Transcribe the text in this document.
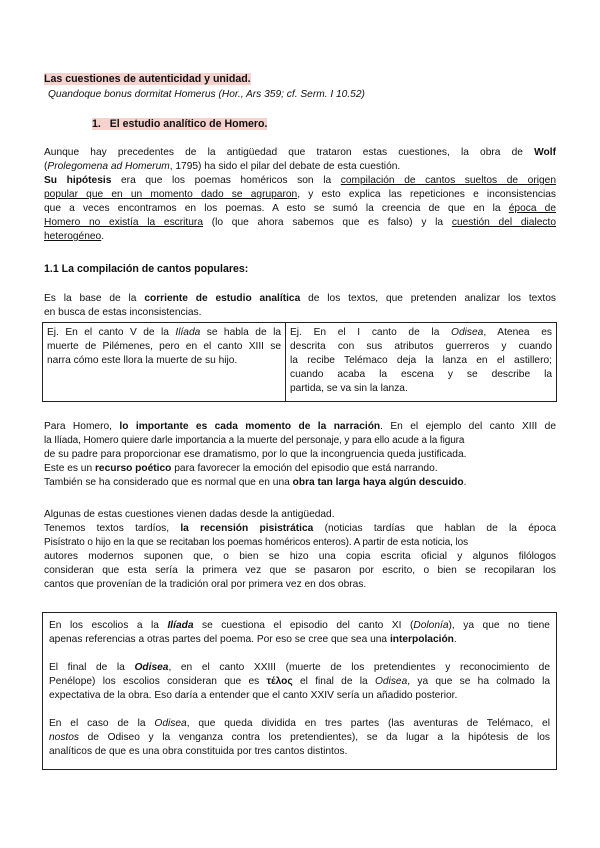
Las cuestiones de autenticidad y unidad.
Quandoque bonus dormitat Homerus (Hor., Ars 359; cf. Serm. I 10.52)
1. El estudio analítico de Homero.
Aunque hay precedentes de la antigüedad que trataron estas cuestiones, la obra de Wolf
(Prolegomena ad Homerum, 1795) ha sido el pilar del debate de esta cuestión.
Su hipótesis era que los poemas homéricos son la compilación de cantos sueltos de origen
popular que en un momento dado se agruparon, y esto explica las repeticiones e inconsistencias
que a veces encontramos en los poemas. A esto se sumó la creencia de que en la época de
Homero no existía la escritura (lo que ahora sabemos que es falso) y la cuestión del dialecto
heterogéneo.
1.1 La compilación de cantos populares:
Es la base de la corriente de estudio analítica de los textos, que pretenden analizar los textos
en busca de estas inconsistencias.
Ej. En el canto V de la Ilíada se habla de la
muerte de Pilémenes, pero en el canto XIII se
narra cómo este llora la muerte de su hijo.
Ej. En el I canto de la Odisea, Atenea es
descrita con sus atributos guerreros y cuando
la recibe Telémaco deja la lanza en el astillero;
cuando acaba la escena y se describe la
partida, se va sin la lanza.
Para Homero, lo importante es cada momento de la narración. En el ejemplo del canto XIII de
la Ilíada, Homero quiere darle importancia a la muerte del personaje, y para ello acude a la figura
de su padre para proporcionar ese dramatismo, por lo que la incongruencia queda justificada.
Este es un recurso poético para favorecer la emoción del episodio que está narrando.
También se ha considerado que es normal que en una obra tan larga haya algún descuido.
Algunas de estas cuestiones vienen dadas desde la antigüedad.
Tenemos textos tardíos, la recensión pisistrática (noticias tardías que hablan de la época
Pisístrato o hijo en la que se recitaban los poemas homéricos enteros). A partir de esta noticia, los
autores modernos suponen que, o bien se hizo una copia escrita oficial y algunos filólogos
consideran que esta sería la primera vez que se pasaron por escrito, o bien se recopilaran los
cantos que provenían de la tradición oral por primera vez en dos obras.
En los escolios a la Ilíada se cuestiona el episodio del canto XI (Dolonía), ya que no tiene
apenas referencias a otras partes del poema. Por eso se cree que sea una interpolación.
El final de la Odisea, en el canto XXIII (muerte de los pretendientes y reconocimiento de
Penélope) los escolios consideran que es τέλος el final de la Odisea, ya que se ha colmado la
expectativa de la obra. Eso daría a entender que el canto XXIV sería un añadido posterior.
En el caso de la Odisea, que queda dividida en tres partes (las aventuras de Telémaco, el
nostos de Odiseo y la venganza contra los pretendientes), se da lugar a la hipótesis de los
analíticos de que es una obra constituida por tres cantos distintos.
